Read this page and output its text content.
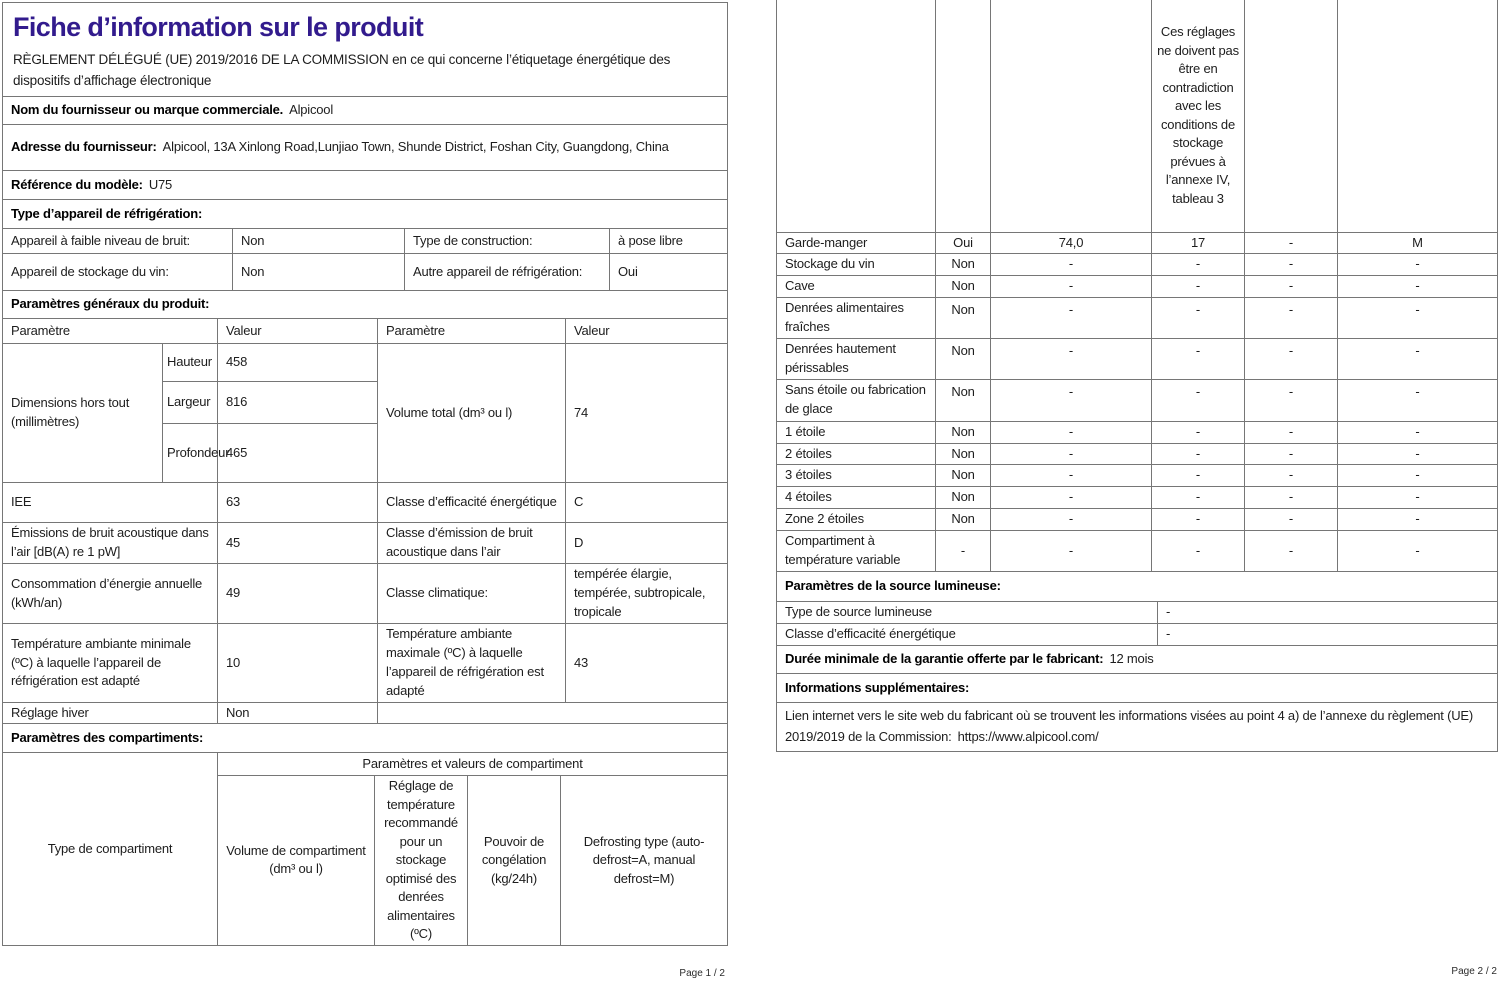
Fiche d’information sur le produit
RÈGLEMENT DÉLÉGUÉ (UE) 2019/2016 DE LA COMMISSION en ce qui concerne l’étiquetage énergétique des dispositifs d’affichage électronique

Nom du fournisseur ou marque commerciale. Alpicool
Adresse du fournisseur: Alpicool, 13A Xinlong Road,Lunjiao Town, Shunde District, Foshan City, Guangdong, China
Référence du modèle: U75
Type d’appareil de réfrigération:
Appareil à faible niveau de bruit:	Non	Type de construction:	à pose libre
Appareil de stockage du vin:	Non	Autre appareil de réfrigération:	Oui
Paramètres généraux du produit:
Paramètre		Valeur	Paramètre	Valeur
Dimensions hors tout (millimètres)	Hauteur	458	Volume total (dm³ ou l)	74
	Largeur	816		
	Profondeur	465		
IEE		63	Classe d’efficacité énergétique	C
Émissions de bruit acoustique dans l’air [dB(A) re 1 pW]		45	Classe d’émission de bruit acoustique dans l’air	D
Consommation d’énergie annuelle (kWh/an)		49	Classe climatique:	tempérée élargie, tempérée, subtropicale, tropicale
Température ambiante minimale (ºC) à laquelle l’appareil de réfrigération est adapté		10	Température ambiante maximale (ºC) à laquelle l’appareil de réfrigération est adapté	43
Réglage hiver		Non		
Paramètres des compartiments:
Type de compartiment	Paramètres et valeurs de compartiment			
	Volume de compartiment (dm³ ou l)	Réglage de température recommandé pour un stockage optimisé des denrées alimentaires (ºC)	Pouvoir de congélation (kg/24h)	Defrosting type (auto-defrost=A, manual defrost=M)
Page 1 / 2
			Ces réglages ne doivent pas être en contradiction avec les conditions de stockage prévues à l’annexe IV, tableau 3		
Garde-manger	Oui	74,0	17	-	M
Stockage du vin	Non	-	-	-	-
Cave	Non	-	-	-	-
Denrées alimentaires fraîches	Non	-	-	-	-
Denrées hautement périssables	Non	-	-	-	-
Sans étoile ou fabrication de glace	Non	-	-	-	-
1 étoile	Non	-	-	-	-
2 étoiles	Non	-	-	-	-
3 étoiles	Non	-	-	-	-
4 étoiles	Non	-	-	-	-
Zone 2 étoiles	Non	-	-	-	-
Compartiment à température variable	-	-	-	-	-
Paramètres de la source lumineuse:
Type de source lumineuse	-
Classe d’efficacité énergétique	-
Durée minimale de la garantie offerte par le fabricant: 12 mois
Informations supplémentaires:
Lien internet vers le site web du fabricant où se trouvent les informations visées au point 4 a) de l’annexe du règlement (UE) 2019/2019 de la Commission: https://www.alpicool.com/
Page 2 / 2
